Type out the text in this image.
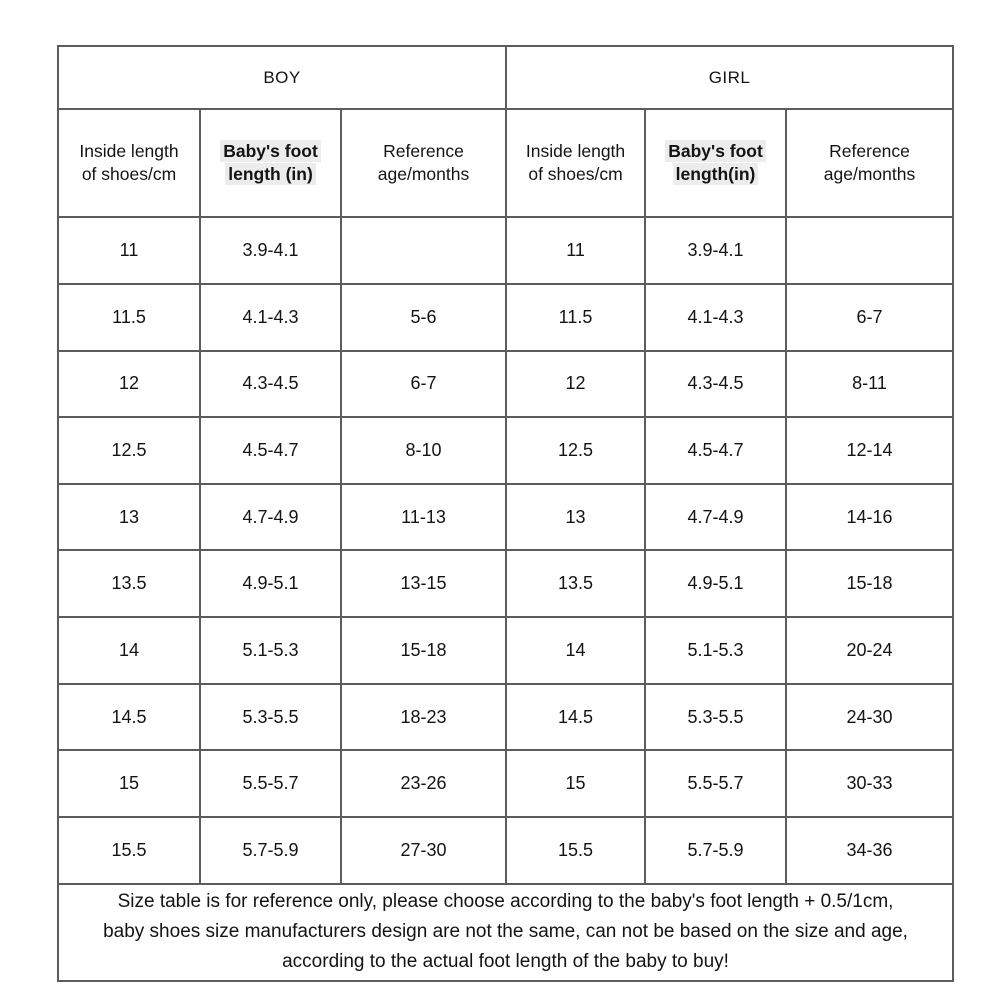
BOY			GIRL		
Inside length of shoes/cm	Baby's foot length (in)	Reference age/months	Inside length of shoes/cm	Baby's foot length(in)	Reference age/months
11	3.9-4.1		11	3.9-4.1	
11.5	4.1-4.3	5-6	11.5	4.1-4.3	6-7
12	4.3-4.5	6-7	12	4.3-4.5	8-11
12.5	4.5-4.7	8-10	12.5	4.5-4.7	12-14
13	4.7-4.9	11-13	13	4.7-4.9	14-16
13.5	4.9-5.1	13-15	13.5	4.9-5.1	15-18
14	5.1-5.3	15-18	14	5.1-5.3	20-24
14.5	5.3-5.5	18-23	14.5	5.3-5.5	24-30
15	5.5-5.7	23-26	15	5.5-5.7	30-33
15.5	5.7-5.9	27-30	15.5	5.7-5.9	34-36

Size table is for reference only, please choose according to the baby's foot length + 0.5/1cm,
baby shoes size manufacturers design are not the same, can not be based on the size and age,
according to the actual foot length of the baby to buy!					
